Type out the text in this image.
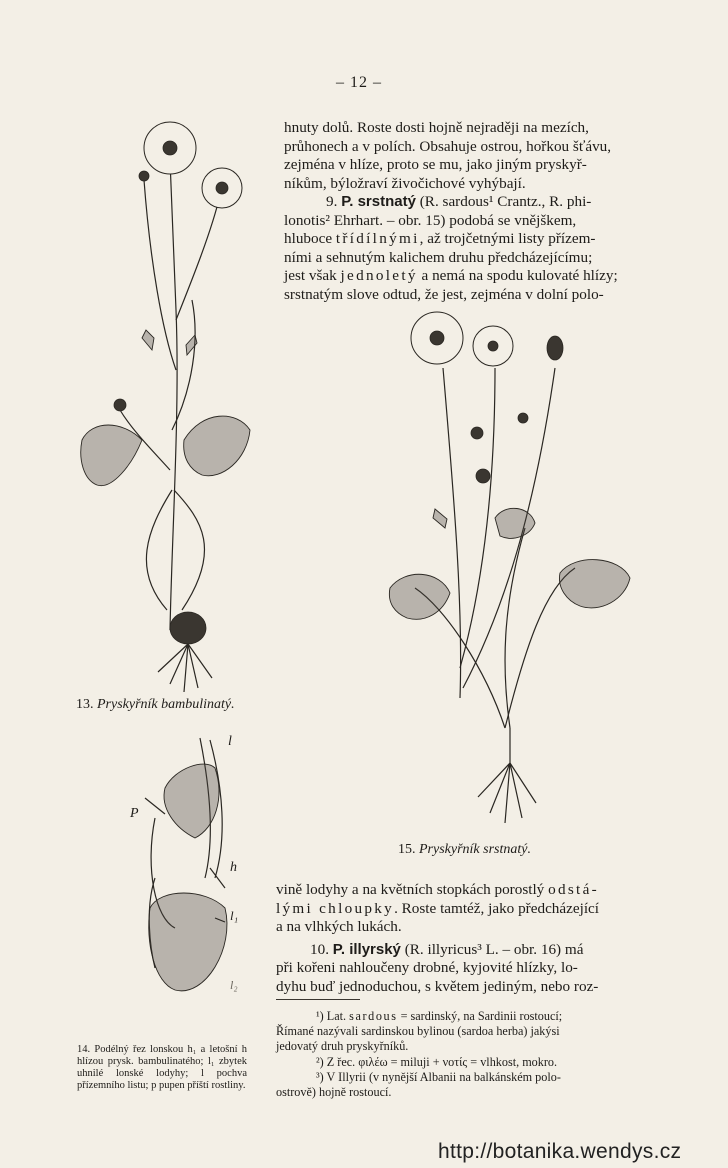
– 12 –
hnuty dolů. Roste dosti hojně nejraději na mezích,
průhonech a v polích. Obsahuje ostrou, hořkou šťávu,
zejména v hlíze, proto se mu, jako jiným pryskyř-
níkům, býložraví živočichové vyhýbají.
9. P. srstnatý (R. sardous¹ Crantz., R. phi-
lonotis² Ehrhart. – obr. 15) podobá se vnějškem,
hluboce třídílnými, až trojčetnými listy přízem-
ními a sehnutým kalichem druhu předcházejícímu;
jest však jednoletý a nemá na spodu kulovaté hlízy;
srstnatým slove odtud, že jest, zejména v dolní polo-
13. Pryskyřník bambulinatý.
15. Pryskyřník srstnatý.
l
P
h
l₁
l₂
14. Podélný řez lonskou h₁ a letošní h hlízou prysk. bambulinatého; l₁ zbytek uhnilé lonské lodyhy; l pochva přízemního listu; p pupen příští rostliny.
vině lodyhy a na květních stopkách porostlý odstá-
lými chloupky. Roste tamtéž, jako předcházející
a na vlhkých lukách.
10. P. illyrský (R. illyricus³ L. – obr. 16) má
při kořeni nahloučeny drobné, kyjovité hlízky, lo-
dyhu buď jednoduchou, s květem jediným, nebo roz-
¹) Lat. sardous = sardinský, na Sardinii rostoucí;
Římané nazývali sardinskou bylinou (sardoa herba) jakýsi
jedovatý druh pryskyřníků.
²) Z řec. φιλέω = miluji + νοτίς = vlhkost, mokro.
³) V Illyrii (v nynější Albanii na balkánském polo-
ostrově) hojně rostoucí.
http://botanika.wendys.cz
